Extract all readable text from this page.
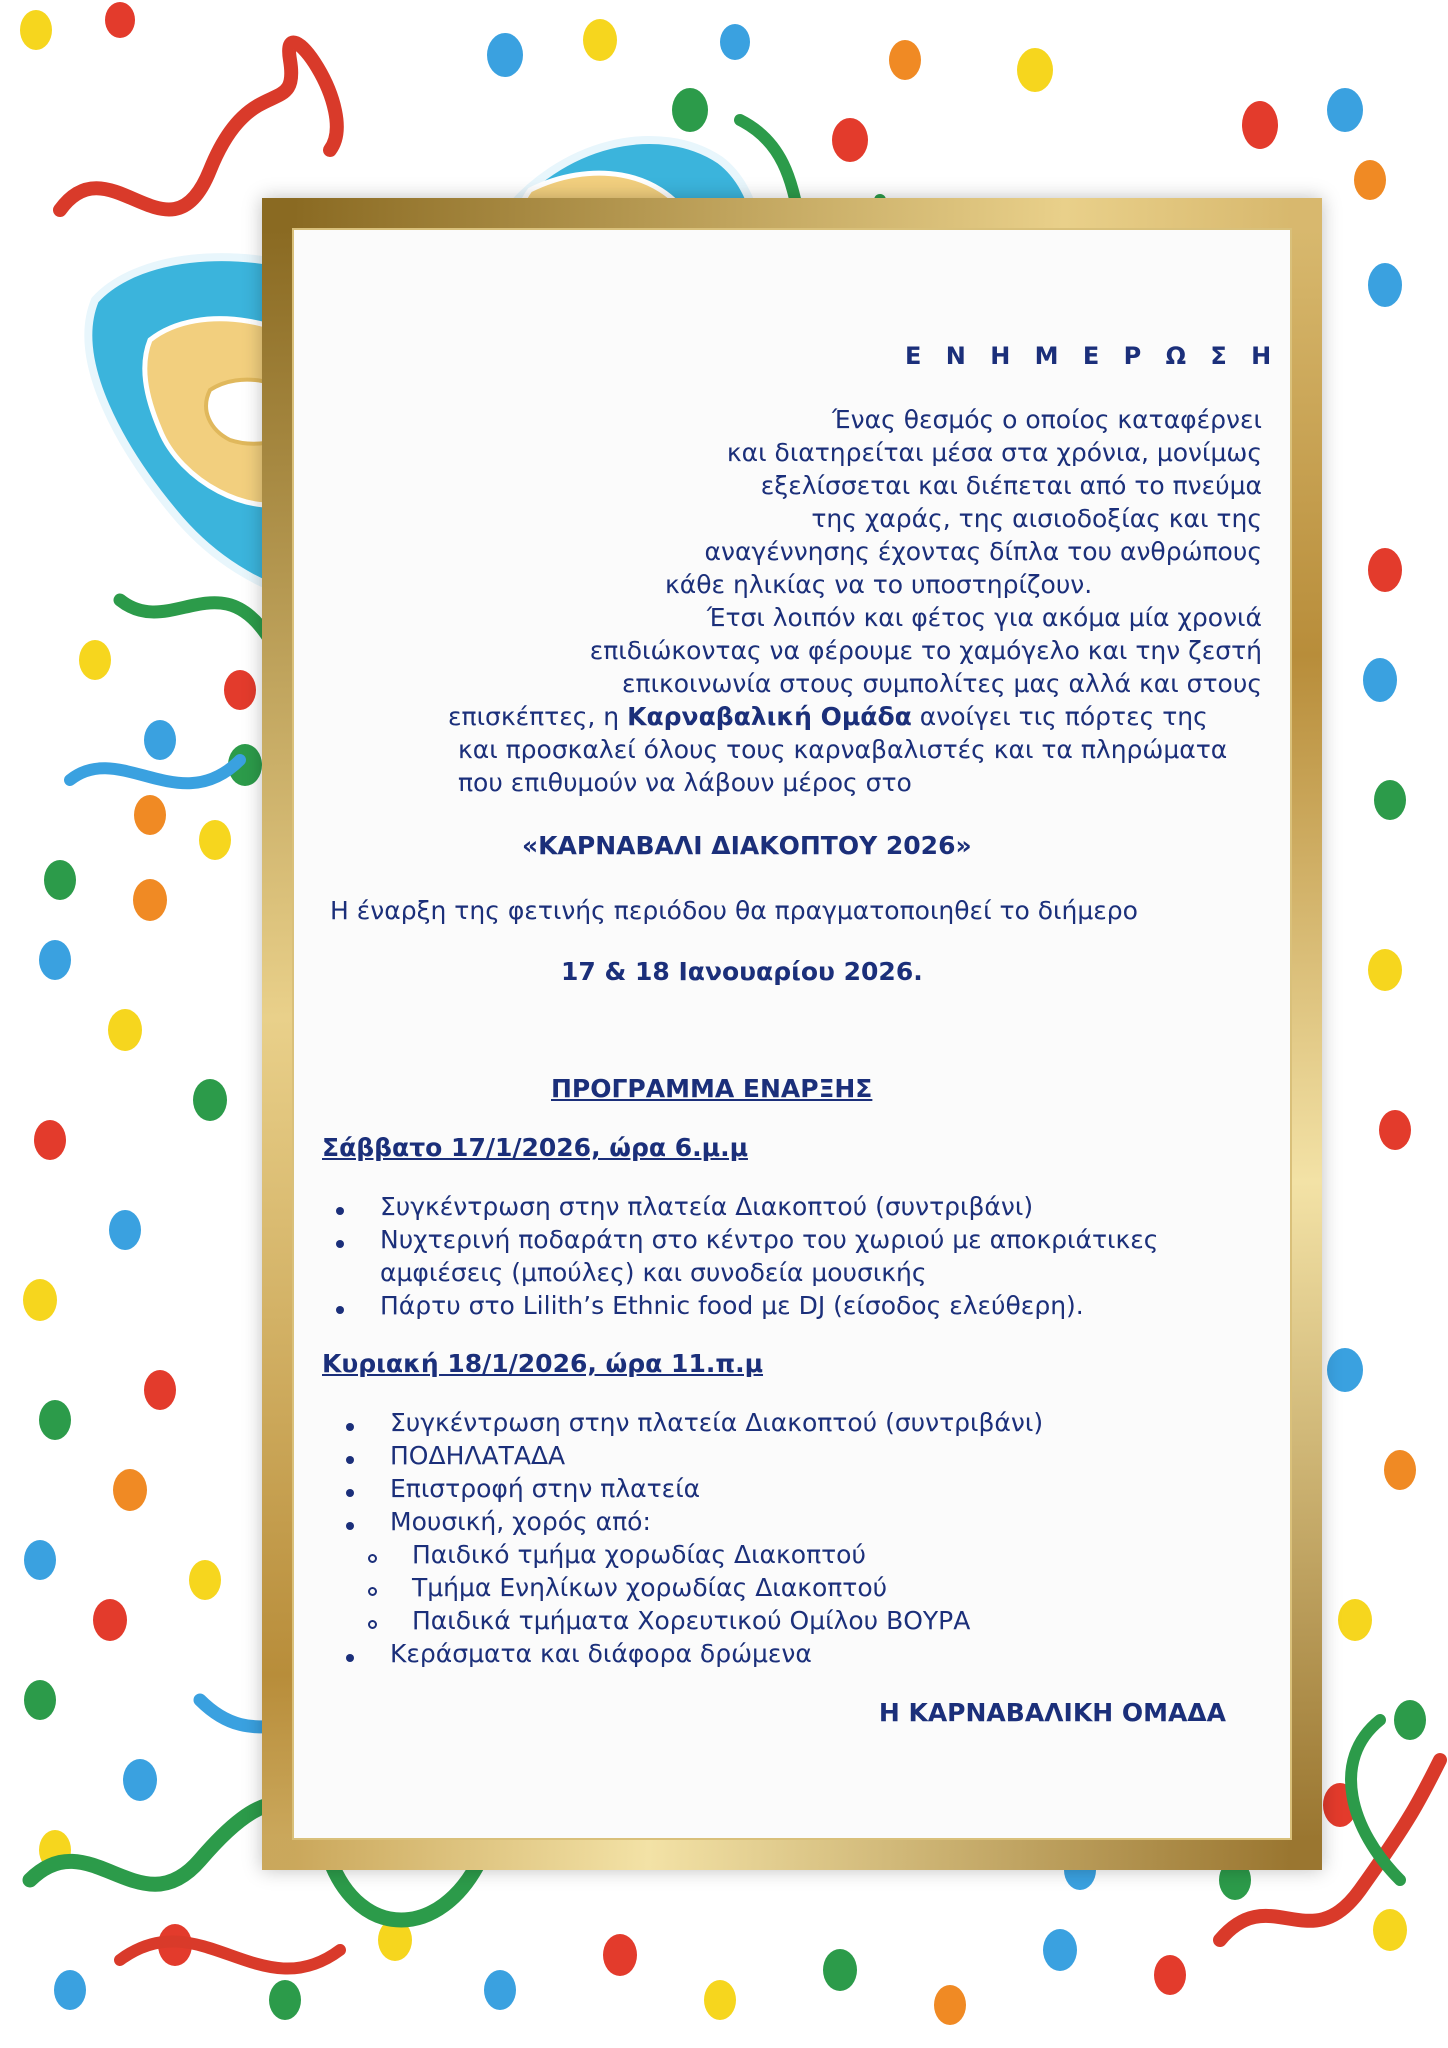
Ε Ν Η Μ Ε Ρ Ω Σ Η
Ένας θεσμός ο οποίος καταφέρνει
και διατηρείται μέσα στα χρόνια, μονίμως
εξελίσσεται και διέπεται από το πνεύμα
της χαράς, της αισιοδοξίας και της
αναγέννησης έχοντας δίπλα του ανθρώπους
κάθε ηλικίας να το υποστηρίζουν.
Έτσι λοιπόν και φέτος για ακόμα μία χρονιά
επιδιώκοντας να φέρουμε το χαμόγελο και την ζεστή
επικοινωνία στους συμπολίτες μας αλλά και στους
επισκέπτες, η Καρναβαλική Ομάδα ανοίγει τις πόρτες της
και προσκαλεί όλους τους καρναβαλιστές και τα πληρώματα
που επιθυμούν να λάβουν μέρος στο
«ΚΑΡΝΑΒΑΛΙ ΔΙΑΚΟΠΤΟΥ 2026»
Η έναρξη της φετινής περιόδου θα πραγματοποιηθεί το διήμερο
17 & 18 Ιανουαρίου 2026.
ΠΡΟΓΡΑΜΜΑ ΕΝΑΡΞΗΣ
Σάββατο 17/1/2026, ώρα 6.μ.μ
Συγκέντρωση στην πλατεία Διακοπτού (συντριβάνι)
Νυχτερινή ποδαράτη στο κέντρο του χωριού με αποκριάτικες
αμφιέσεις (μπούλες) και συνοδεία μουσικής
Πάρτυ στο Lilith’s Ethnic food με DJ (είσοδος ελεύθερη).
Κυριακή 18/1/2026, ώρα 11.π.μ
Συγκέντρωση στην πλατεία Διακοπτού (συντριβάνι)
ΠΟΔΗΛΑΤΑΔΑ
Επιστροφή στην πλατεία
Μουσική, χορός από:
Παιδικό τμήμα χορωδίας Διακοπτού
Τμήμα Ενηλίκων χορωδίας Διακοπτού
Παιδικά τμήματα Χορευτικού Ομίλου ΒΟΥΡΑ
Κεράσματα και διάφορα δρώμενα
Η ΚΑΡΝΑΒΑΛΙΚΗ ΟΜΑΔΑ
